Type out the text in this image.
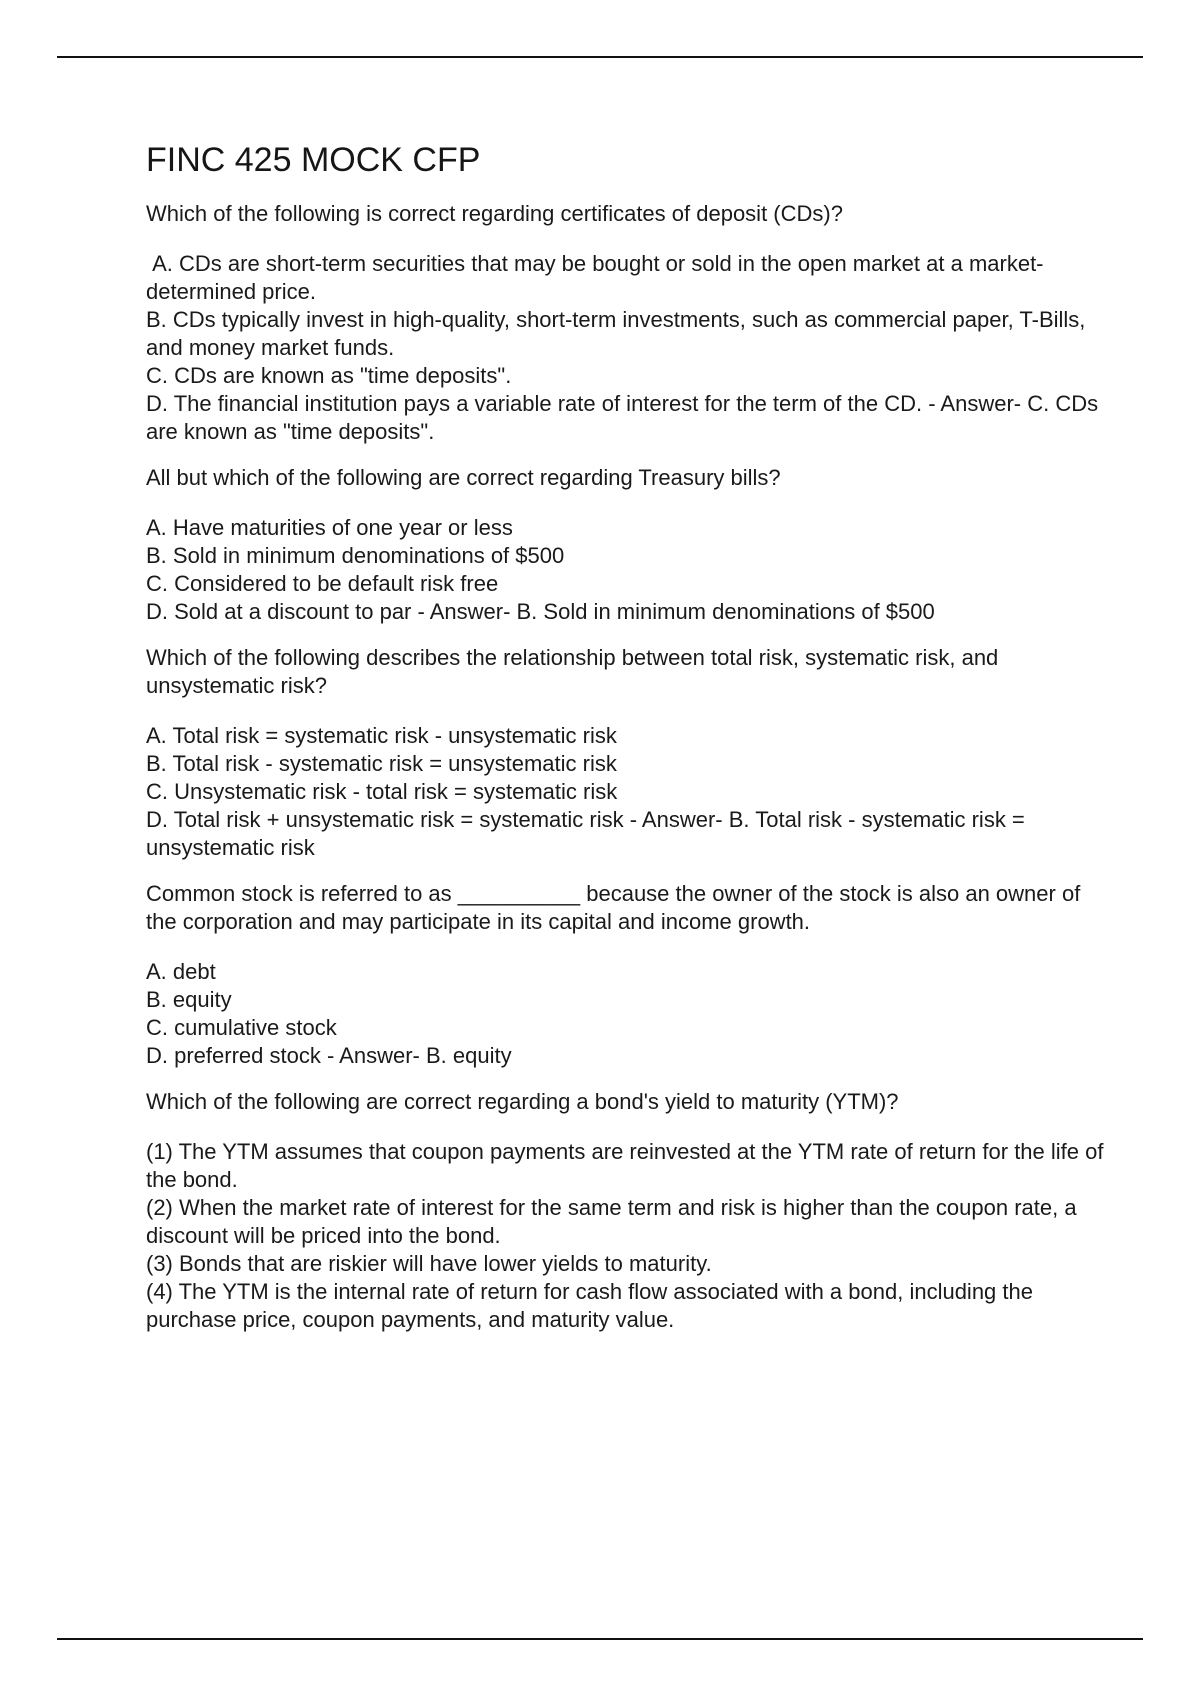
FINC 425 MOCK CFP

Which of the following is correct regarding certificates of deposit (CDs)?

A. CDs are short-term securities that may be bought or sold in the open market at a market-determined price.

B. CDs typically invest in high-quality, short-term investments, such as commercial paper, T-Bills, and money market funds.

C. CDs are known as "time deposits".

D. The financial institution pays a variable rate of interest for the term of the CD. - Answer- C. CDs are known as "time deposits".

All but which of the following are correct regarding Treasury bills?

A. Have maturities of one year or less

B. Sold in minimum denominations of $500

C. Considered to be default risk free

D. Sold at a discount to par - Answer- B. Sold in minimum denominations of $500

Which of the following describes the relationship between total risk, systematic risk, and unsystematic risk?

A. Total risk = systematic risk - unsystematic risk

B. Total risk - systematic risk = unsystematic risk

C. Unsystematic risk - total risk = systematic risk

D. Total risk + unsystematic risk = systematic risk - Answer- B. Total risk - systematic risk = unsystematic risk

Common stock is referred to as __________ because the owner of the stock is also an owner of the corporation and may participate in its capital and income growth.

A. debt

B. equity

C. cumulative stock

D. preferred stock - Answer- B. equity

Which of the following are correct regarding a bond's yield to maturity (YTM)?

(1) The YTM assumes that coupon payments are reinvested at the YTM rate of return for the life of the bond.

(2) When the market rate of interest for the same term and risk is higher than the coupon rate, a discount will be priced into the bond.

(3) Bonds that are riskier will have lower yields to maturity.

(4) The YTM is the internal rate of return for cash flow associated with a bond, including the purchase price, coupon payments, and maturity value.
